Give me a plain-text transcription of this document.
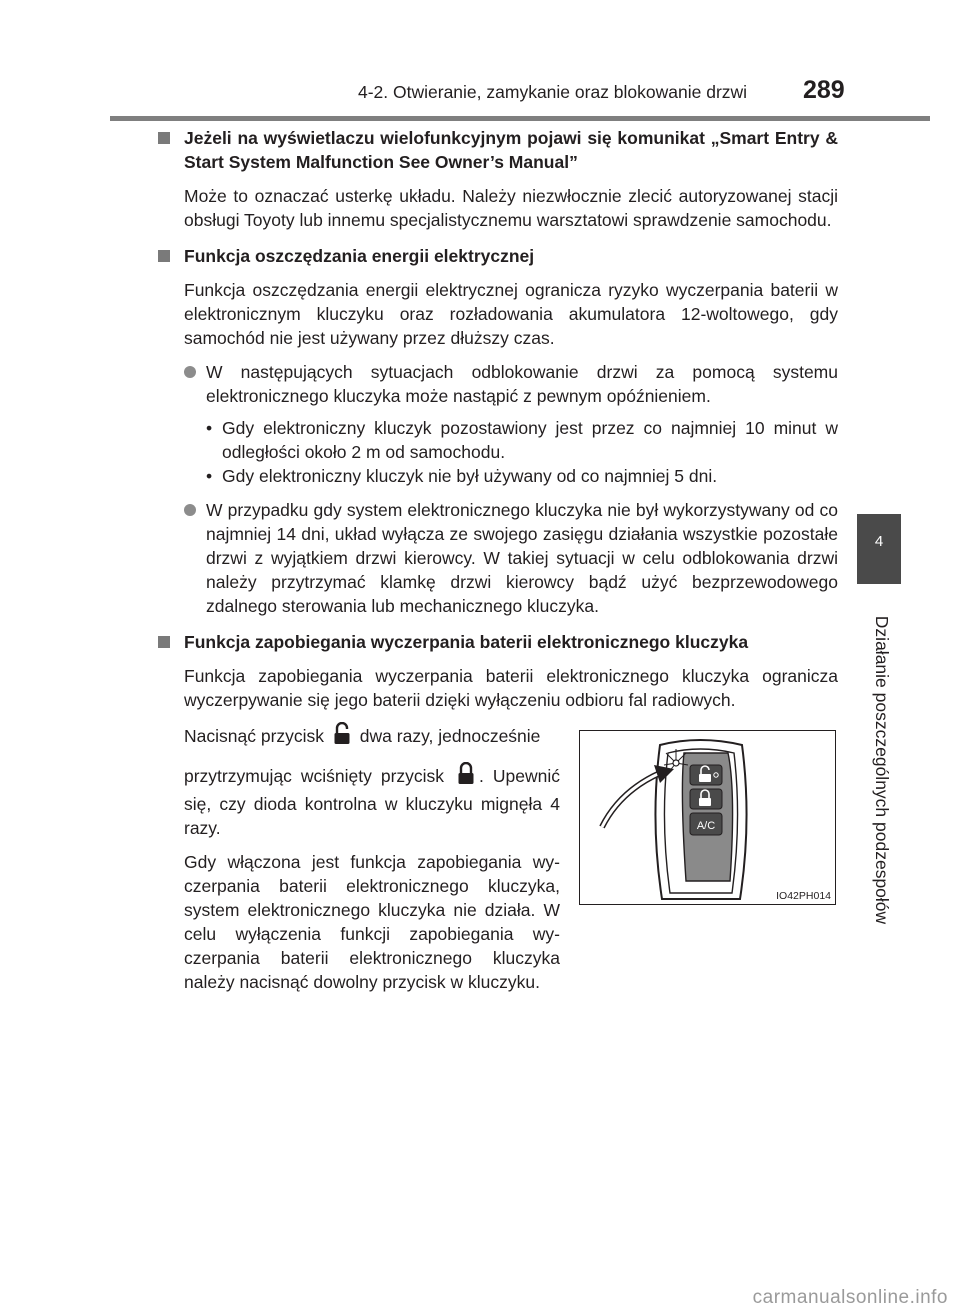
4-2. Otwieranie, zamykanie oraz blokowanie drzwi 289
4
Działanie poszczególnych podzespołów
Jeżeli na wyświetlaczu wielofunkcyjnym pojawi się komunikat „Smart Entry & Start System Malfunction See Owner’s Manual”

Może to oznaczać usterkę układu. Należy niezwłocznie zlecić autoryzowanej stacji obsługi Toyoty lub innemu specjalistycznemu warsztatowi sprawdzenie samochodu.

Funkcja oszczędzania energii elektrycznej

Funkcja oszczędzania energii elektrycznej ogranicza ryzyko wyczerpania baterii w elektronicznym kluczyku oraz rozładowania akumulatora 12-woltowego, gdy samochód nie jest używany przez dłuższy czas.

W następujących sytuacjach odblokowanie drzwi za pomocą systemu elektronicznego kluczyka może nastąpić z pewnym opóźnieniem.
• Gdy elektroniczny kluczyk pozostawiony jest przez co najmniej 10 minut w odległości około 2 m od samochodu.
• Gdy elektroniczny kluczyk nie był używany od co najmniej 5 dni.
W przypadku gdy system elektronicznego kluczyka nie był wykorzystywany od co najmniej 14 dni, układ wyłącza ze swojego zasięgu działania wszystkie pozostałe drzwi z wyjątkiem drzwi kierowcy. W takiej sytuacji w celu odblokowania drzwi należy przytrzymać klamkę drzwi kierowcy bądź użyć bezprzewodowego zdalnego sterowania lub mechanicznego kluczyka.
Funkcja zapobiegania wyczerpania baterii elektronicznego kluczyka

Funkcja zapobiegania wyczerpania baterii elektronicznego kluczyka ogranicza wyczerpywanie się jego baterii dzięki wyłączeniu odbioru fal radiowych.

Nacisnąć przycisk dwa razy, jednocześnie

przytrzymując wciśnięty przycisk . Upewnić się, czy dioda kontrolna w kluczyku mignęła 4 razy.

Gdy włączona jest funkcja zapobiegania wyczerpania baterii elektronicznego kluczyka, system elektronicznego kluczyka nie działa. W celu wyłączenia funkcji zapobiegania wyczerpania baterii elektronicznego kluczyka należy nacisnąć dowolny przycisk w kluczyku.

A/C
IO42PH014
carmanualsonline.info
